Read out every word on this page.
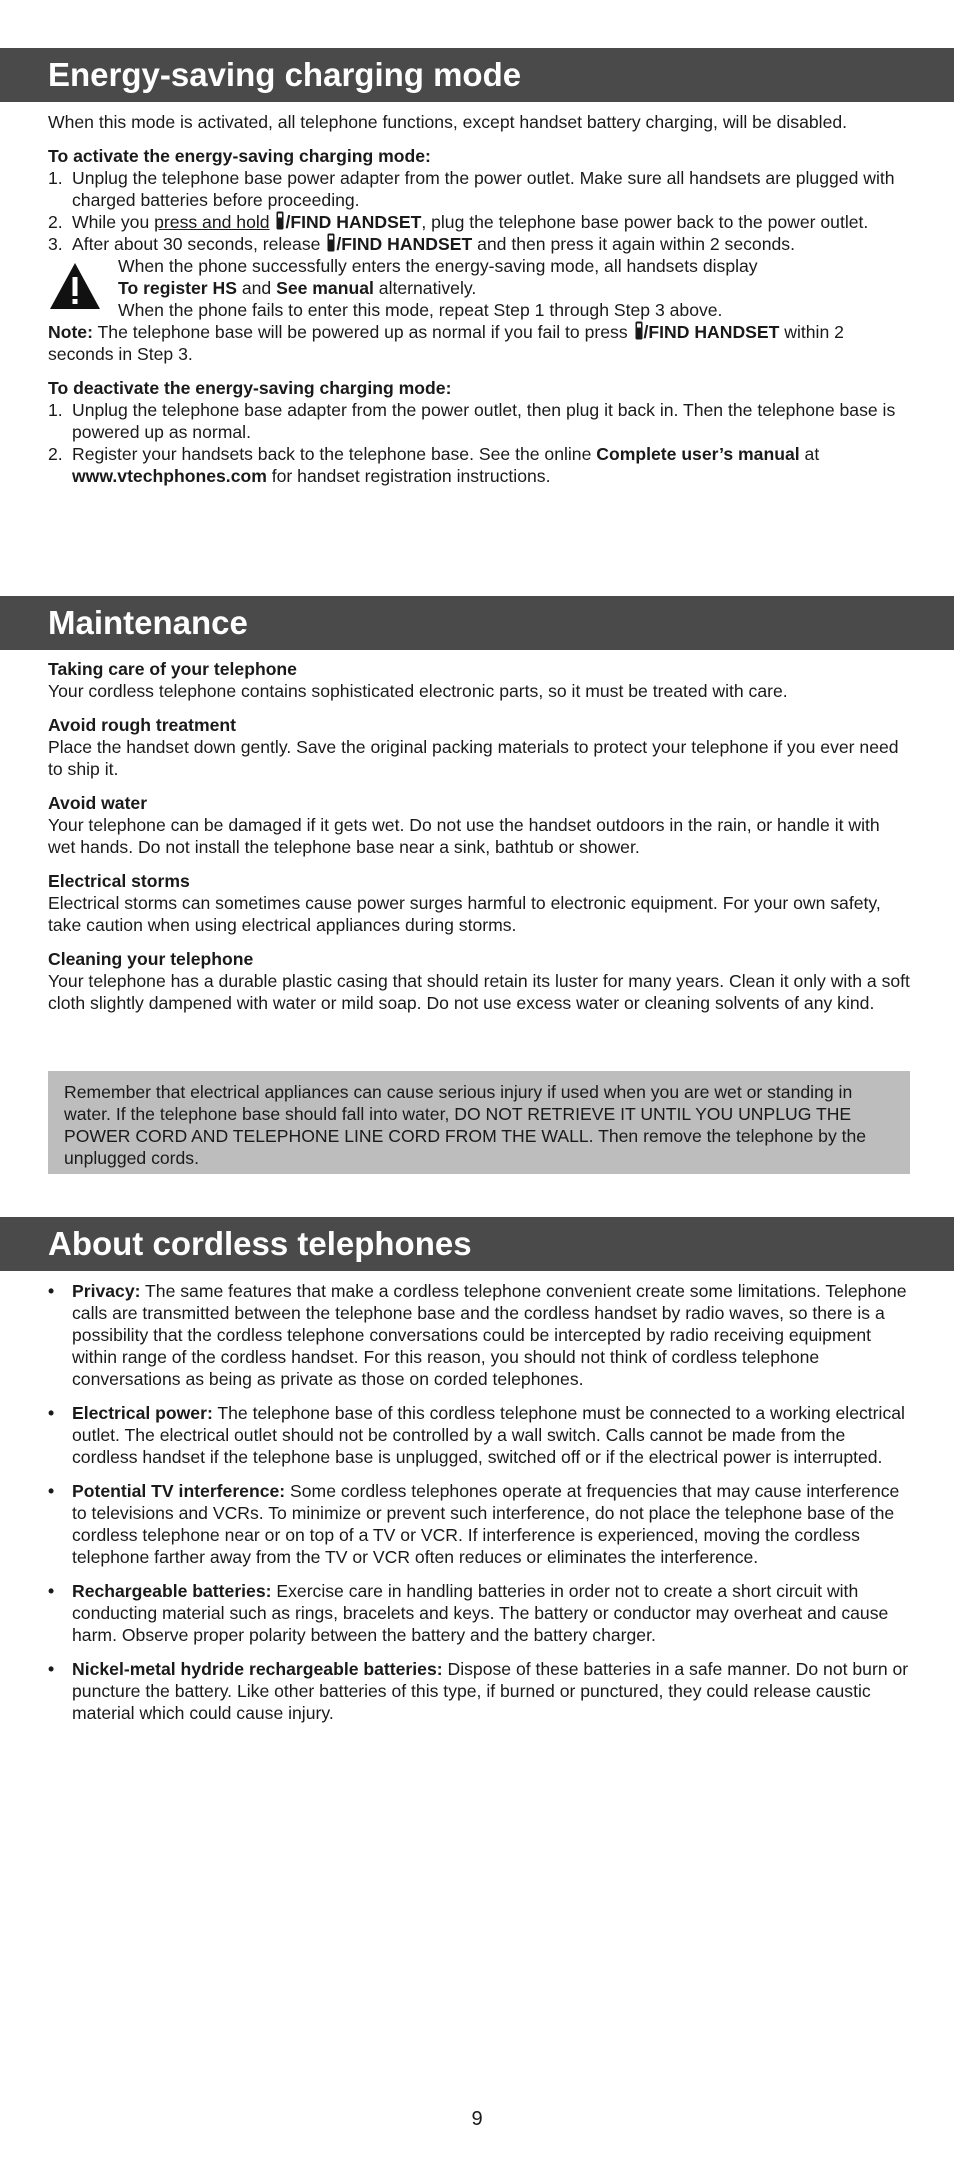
Energy-saving charging mode

When this mode is activated, all telephone functions, except handset battery charging, will be disabled.

To activate the energy-saving charging mode:

1. Unplug the telephone base power adapter from the power outlet. Make sure all handsets are plugged with charged batteries before proceeding.
2. While you press and hold /FIND HANDSET, plug the telephone base power back to the power outlet.
3. After about 30 seconds, release /FIND HANDSET and then press it again within 2 seconds.

When the phone successfully enters the energy-saving mode, all handsets display

To register HS and See manual alternatively.

When the phone fails to enter this mode, repeat Step 1 through Step 3 above.

Note: The telephone base will be powered up as normal if you fail to press /FIND HANDSET within 2 seconds in Step 3.

To deactivate the energy-saving charging mode:

1. Unplug the telephone base adapter from the power outlet, then plug it back in. Then the telephone base is powered up as normal.
2. Register your handsets back to the telephone base. See the online Complete user’s manual at www.vtechphones.com for handset registration instructions.
Maintenance

Taking care of your telephone

Your cordless telephone contains sophisticated electronic parts, so it must be treated with care.

Avoid rough treatment

Place the handset down gently. Save the original packing materials to protect your telephone if you ever need to ship it.

Avoid water

Your telephone can be damaged if it gets wet. Do not use the handset outdoors in the rain, or handle it with wet hands. Do not install the telephone base near a sink, bathtub or shower.

Electrical storms

Electrical storms can sometimes cause power surges harmful to electronic equipment. For your own safety, take caution when using electrical appliances during storms.

Cleaning your telephone

Your telephone has a durable plastic casing that should retain its luster for many years. Clean it only with a soft cloth slightly dampened with water or mild soap. Do not use excess water or cleaning solvents of any kind.

Remember that electrical appliances can cause serious injury if used when you are wet or standing in water. If the telephone base should fall into water, DO NOT RETRIEVE IT UNTIL YOU UNPLUG THE POWER CORD AND TELEPHONE LINE CORD FROM THE WALL. Then remove the telephone by the unplugged cords.

About cordless telephones
• Privacy: The same features that make a cordless telephone convenient create some limitations. Telephone calls are transmitted between the telephone base and the cordless handset by radio waves, so there is a possibility that the cordless telephone conversations could be intercepted by radio receiving equipment within range of the cordless handset. For this reason, you should not think of cordless telephone conversations as being as private as those on corded telephones.
• Electrical power: The telephone base of this cordless telephone must be connected to a working electrical outlet. The electrical outlet should not be controlled by a wall switch. Calls cannot be made from the cordless handset if the telephone base is unplugged, switched off or if the electrical power is interrupted.
• Potential TV interference: Some cordless telephones operate at frequencies that may cause interference to televisions and VCRs. To minimize or prevent such interference, do not place the telephone base of the cordless telephone near or on top of a TV or VCR. If interference is experienced, moving the cordless telephone farther away from the TV or VCR often reduces or eliminates the interference.
• Rechargeable batteries: Exercise care in handling batteries in order not to create a short circuit with conducting material such as rings, bracelets and keys. The battery or conductor may overheat and cause harm. Observe proper polarity between the battery and the battery charger.
• Nickel-metal hydride rechargeable batteries: Dispose of these batteries in a safe manner. Do not burn or puncture the battery. Like other batteries of this type, if burned or punctured, they could release caustic material which could cause injury.
9
